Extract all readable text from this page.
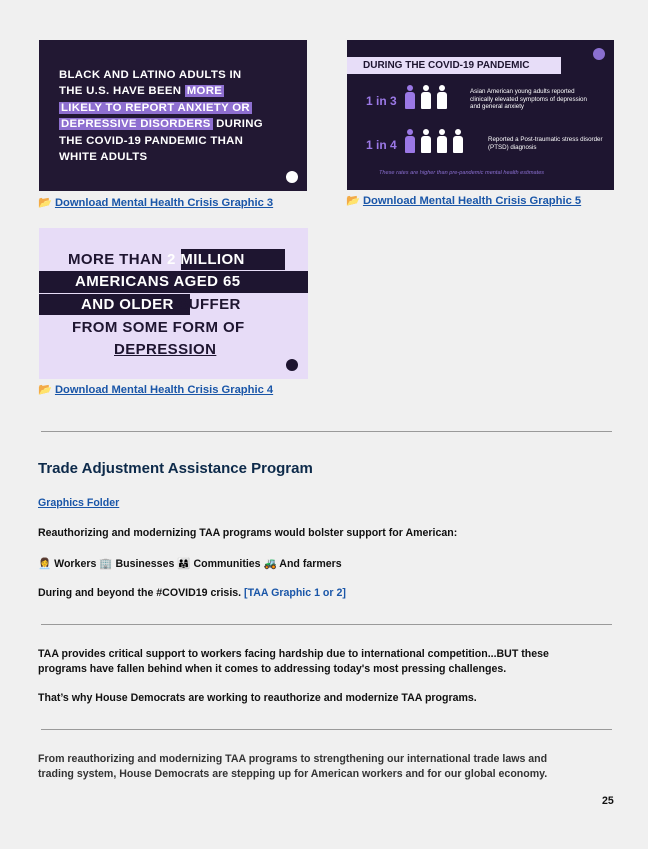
BLACK AND LATINO ADULTS IN
THE U.S. HAVE BEEN MORE
LIKELY TO REPORT ANXIETY OR
DEPRESSIVE DISORDERS DURING
THE COVID-19 PANDEMIC THAN
WHITE ADULTS
📂 Download Mental Health Crisis Graphic 3
DURING THE COVID-19 PANDEMIC
1 in 3
Asian American young adults reported clinically elevated symptoms of depression and general anxiety
1 in 4	Reported a Post-traumatic stress disorder (PTSD) diagnosis
These rates are higher than pre-pandemic mental health estimates
📂 Download Mental Health Crisis Graphic 5
MORE THAN 2 MILLION
AMERICANS AGED 65
AND OLDER SUFFER
FROM SOME FORM OF
DEPRESSION
📂 Download Mental Health Crisis Graphic 4
Trade Adjustment Assistance Program
Graphics Folder
Reauthorizing and modernizing TAA programs would bolster support for American:
👩‍💼 Workers 🏢 Businesses 👨‍👩‍👧 Communities 🚜 And farmers
During and beyond the #COVID19 crisis. [TAA Graphic 1 or 2]
TAA provides critical support to workers facing hardship due to international competition...BUT these
programs have fallen behind when it comes to addressing today's most pressing challenges.
That’s why House Democrats are working to reauthorize and modernize TAA programs.
From reauthorizing and modernizing TAA programs to strengthening our international trade laws and
trading system, House Democrats are stepping up for American workers and for our global economy.
25
